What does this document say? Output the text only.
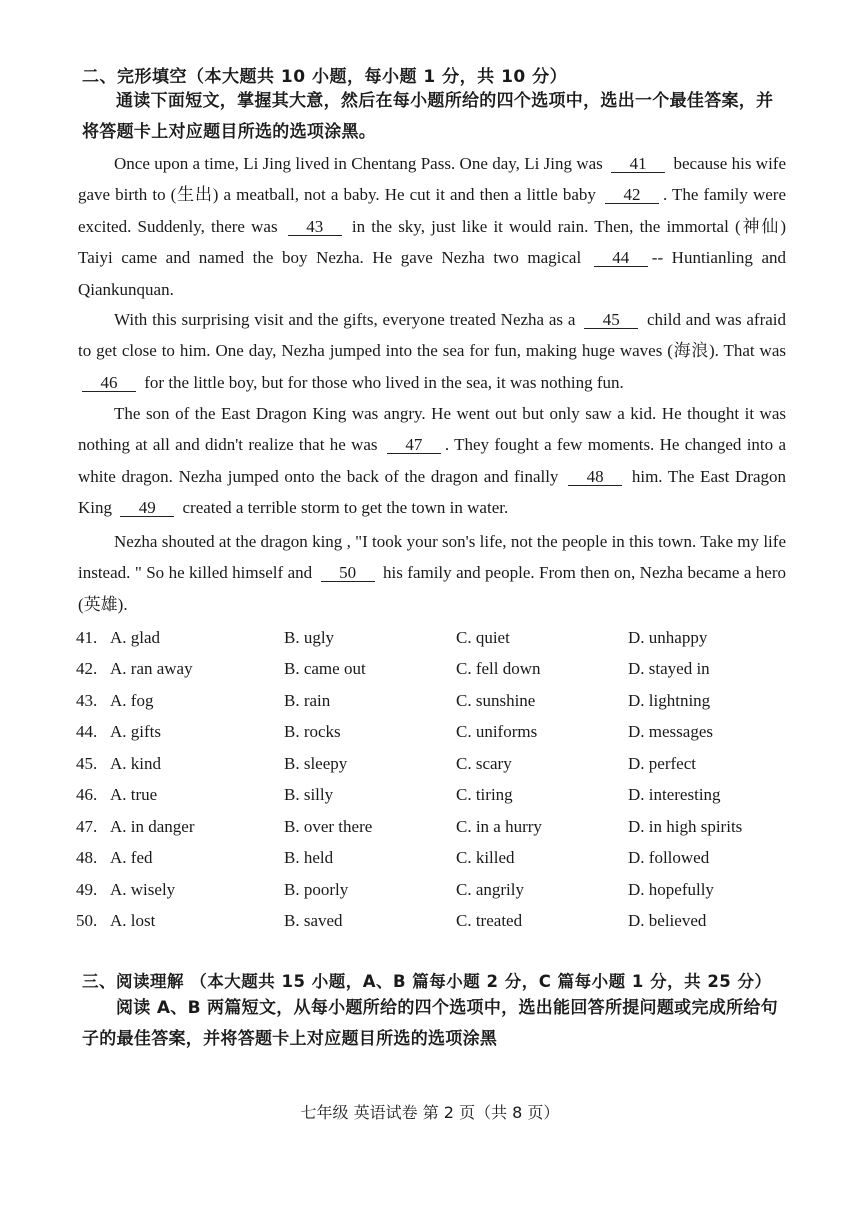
二、完形填空（本大题共 10 小题，每小题 1 分，共 10 分）
通读下面短文，掌握其大意，然后在每小题所给的四个选项中，选出一个最佳答案，并将答题卡上对应题目所选的选项涂黑。
Once upon a time, Li Jing lived in Chentang Pass. One day, Li Jing was 41 because his wife gave birth to (生出) a meatball, not a baby. He cut it and then a little baby 42 . The family were excited. Suddenly, there was 43 in the sky, just like it would rain. Then, the immortal (神仙) Taiyi came and named the boy Nezha. He gave Nezha two magical 44 -- Huntianling and Qiankunquan.
With this surprising visit and the gifts, everyone treated Nezha as a 45 child and was afraid to get close to him. One day, Nezha jumped into the sea for fun, making huge waves (海浪). That was 46 for the little boy, but for those who lived in the sea, it was nothing fun.
The son of the East Dragon King was angry. He went out but only saw a kid. He thought it was nothing at all and didn't realize that he was 47 . They fought a few moments. He changed into a white dragon. Nezha jumped onto the back of the dragon and finally 48 him. The East Dragon King 49 created a terrible storm to get the town in water.
Nezha shouted at the dragon king , "I took your son's life, not the people in this town. Take my life instead. " So he killed himself and 50 his family and people. From then on, Nezha became a hero (英雄).
41. A. glad	B. ugly	C. quiet	D. unhappy
42. A. ran away	B. came out	C. fell down	D. stayed in
43. A. fog	B. rain	C. sunshine	D. lightning
44. A. gifts	B. rocks	C. uniforms	D. messages
45. A. kind	B. sleepy	C. scary	D. perfect
46. A. true	B. silly	C. tiring	D. interesting
47. A. in danger	B. over there	C. in a hurry	D. in high spirits
48. A. fed	B. held	C. killed	D. followed
49. A. wisely	B. poorly	C. angrily	D. hopefully
50. A. lost	B. saved	C. treated	D. believed
三、阅读理解 （本大题共 15 小题，A、B 篇每小题 2 分，C 篇每小题 1 分，共 25 分）
阅读 A、B 两篇短文，从每小题所给的四个选项中，选出能回答所提问题或完成所给句子的最佳答案，并将答题卡上对应题目所选的选项涂黑
七年级 英语试卷 第 2 页（共 8 页）
